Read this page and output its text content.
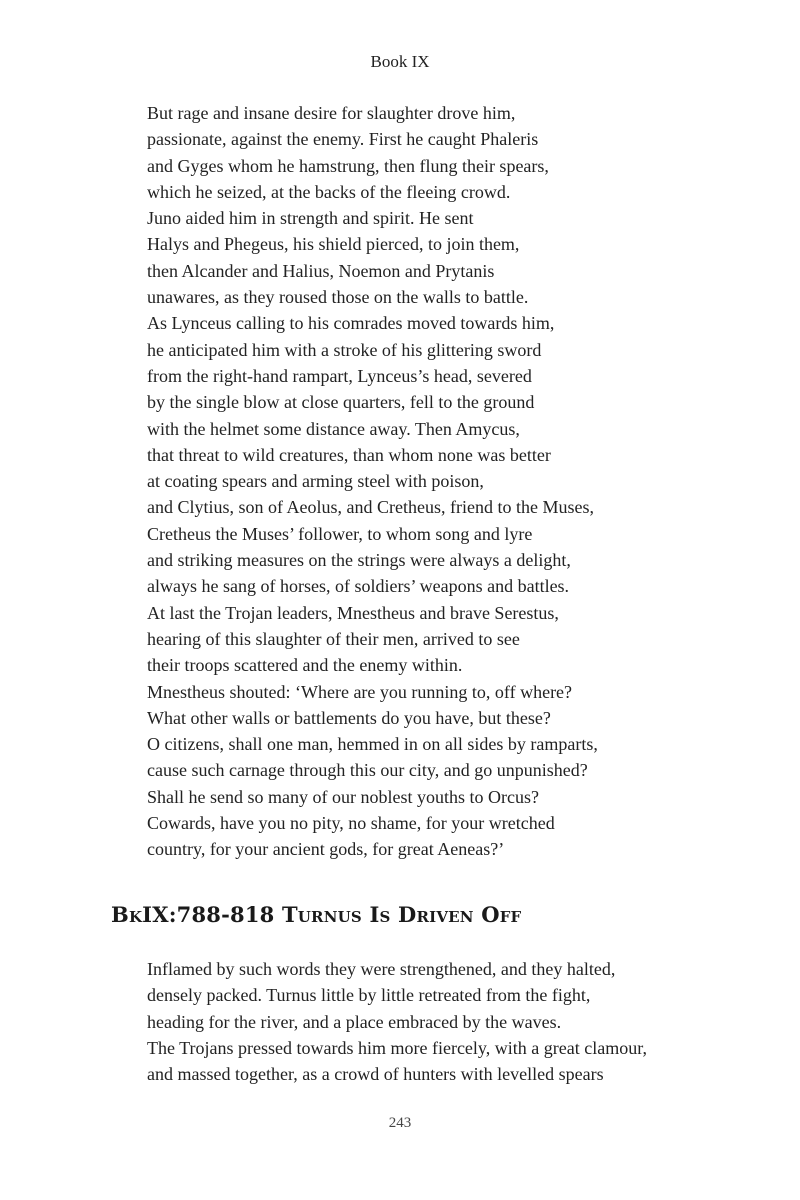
Book IX
But rage and insane desire for slaughter drove him,
passionate, against the enemy. First he caught Phaleris
and Gyges whom he hamstrung, then flung their spears,
which he seized, at the backs of the fleeing crowd.
Juno aided him in strength and spirit. He sent
Halys and Phegeus, his shield pierced, to join them,
then Alcander and Halius, Noemon and Prytanis
unawares, as they roused those on the walls to battle.
As Lynceus calling to his comrades moved towards him,
he anticipated him with a stroke of his glittering sword
from the right-hand rampart, Lynceus’s head, severed
by the single blow at close quarters, fell to the ground
with the helmet some distance away. Then Amycus,
that threat to wild creatures, than whom none was better
at coating spears and arming steel with poison,
and Clytius, son of Aeolus, and Cretheus, friend to the Muses,
Cretheus the Muses’ follower, to whom song and lyre
and striking measures on the strings were always a delight,
always he sang of horses, of soldiers’ weapons and battles.
At last the Trojan leaders, Mnestheus and brave Serestus,
hearing of this slaughter of their men, arrived to see
their troops scattered and the enemy within.
Mnestheus shouted: ‘Where are you running to, off where?
What other walls or battlements do you have, but these?
O citizens, shall one man, hemmed in on all sides by ramparts,
cause such carnage through this our city, and go unpunished?
Shall he send so many of our noblest youths to Orcus?
Cowards, have you no pity, no shame, for your wretched
country, for your ancient gods, for great Aeneas?’
BkIX:788-818 Turnus Is Driven Off
Inflamed by such words they were strengthened, and they halted,
densely packed. Turnus little by little retreated from the fight,
heading for the river, and a place embraced by the waves.
The Trojans pressed towards him more fiercely, with a great clamour,
and massed together, as a crowd of hunters with levelled spears
243
